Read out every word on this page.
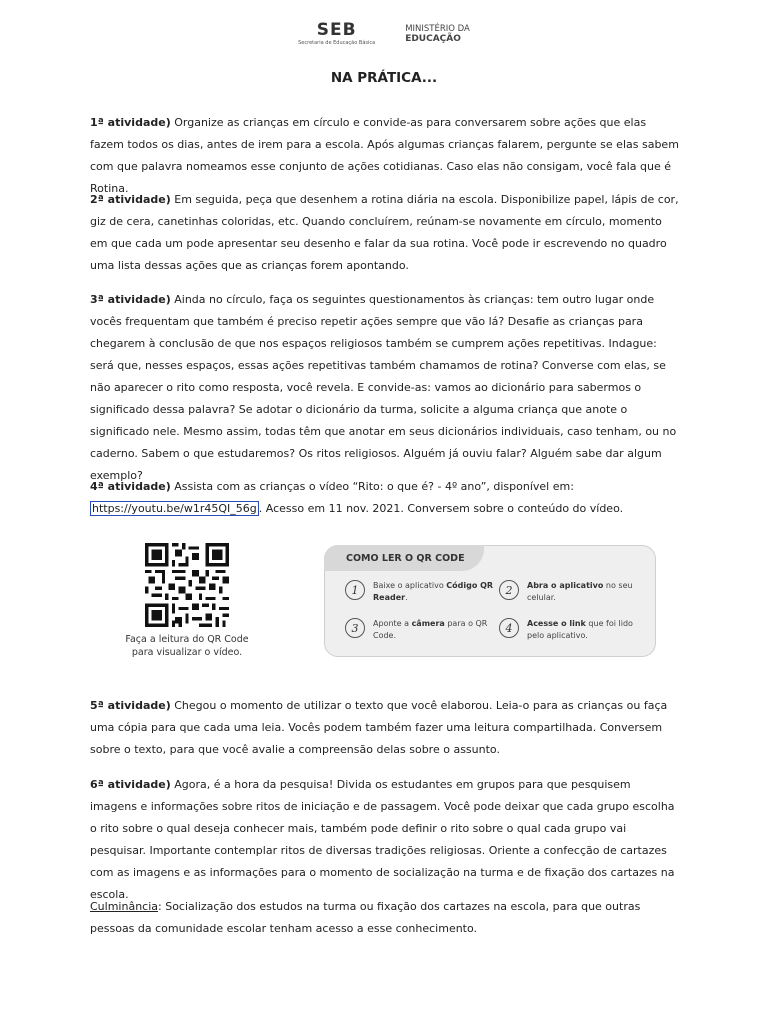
SEB
Secretaria de Educação Básica
MINISTÉRIO DA
EDUCAÇÃO
NA PRÁTICA...

1ª atividade) Organize as crianças em círculo e convide-as para conversarem sobre ações que elas fazem todos os dias, antes de irem para a escola. Após algumas crianças falarem, pergunte se elas sabem com que palavra nomeamos esse conjunto de ações cotidianas. Caso elas não consigam, você fala que é Rotina.

2ª atividade) Em seguida, peça que desenhem a rotina diária na escola. Disponibilize papel, lápis de cor, giz de cera, canetinhas coloridas, etc. Quando concluírem, reúnam-se novamente em círculo, momento em que cada um pode apresentar seu desenho e falar da sua rotina. Você pode ir escrevendo no quadro uma lista dessas ações que as crianças forem apontando.

3ª atividade) Ainda no círculo, faça os seguintes questionamentos às crianças: tem outro lugar onde vocês frequentam que também é preciso repetir ações sempre que vão lá? Desafie as crianças para chegarem à conclusão de que nos espaços religiosos também se cumprem ações repetitivas. Indague: será que, nesses espaços, essas ações repetitivas também chamamos de rotina? Converse com elas, se não aparecer o rito como resposta, você revela. E convide-as: vamos ao dicionário para sabermos o significado dessa palavra? Se adotar o dicionário da turma, solicite a alguma criança que anote o significado nele. Mesmo assim, todas têm que anotar em seus dicionários individuais, caso tenham, ou no caderno. Sabem o que estudaremos? Os ritos religiosos. Alguém já ouviu falar? Alguém sabe dar algum exemplo?

4ª atividade) Assista com as crianças o vídeo “Rito: o que é? - 4º ano”, disponível em: https://youtu.be/w1r45QI_56g . Acesso em 11 nov. 2021. Conversem sobre o conteúdo do vídeo.

Faça a leitura do QR Code
para visualizar o vídeo.
COMO LER O QR CODE
1	Baixe o aplicativo Código QR Reader.
2	Abra o aplicativo no seu celular.
3	Aponte a câmera para o QR Code.
4	Acesse o link que foi lido pelo aplicativo.

5ª atividade) Chegou o momento de utilizar o texto que você elaborou. Leia-o para as crianças ou faça uma cópia para que cada uma leia. Vocês podem também fazer uma leitura compartilhada. Conversem sobre o texto, para que você avalie a compreensão delas sobre o assunto.

6ª atividade) Agora, é a hora da pesquisa! Divida os estudantes em grupos para que pesquisem imagens e informações sobre ritos de iniciação e de passagem. Você pode deixar que cada grupo escolha o rito sobre o qual deseja conhecer mais, também pode definir o rito sobre o qual cada grupo vai pesquisar. Importante contemplar ritos de diversas tradições religiosas. Oriente a confecção de cartazes com as imagens e as informações para o momento de socialização na turma e de fixação dos cartazes na escola.

Culminância: Socialização dos estudos na turma ou fixação dos cartazes na escola, para que outras pessoas da comunidade escolar tenham acesso a esse conhecimento.
